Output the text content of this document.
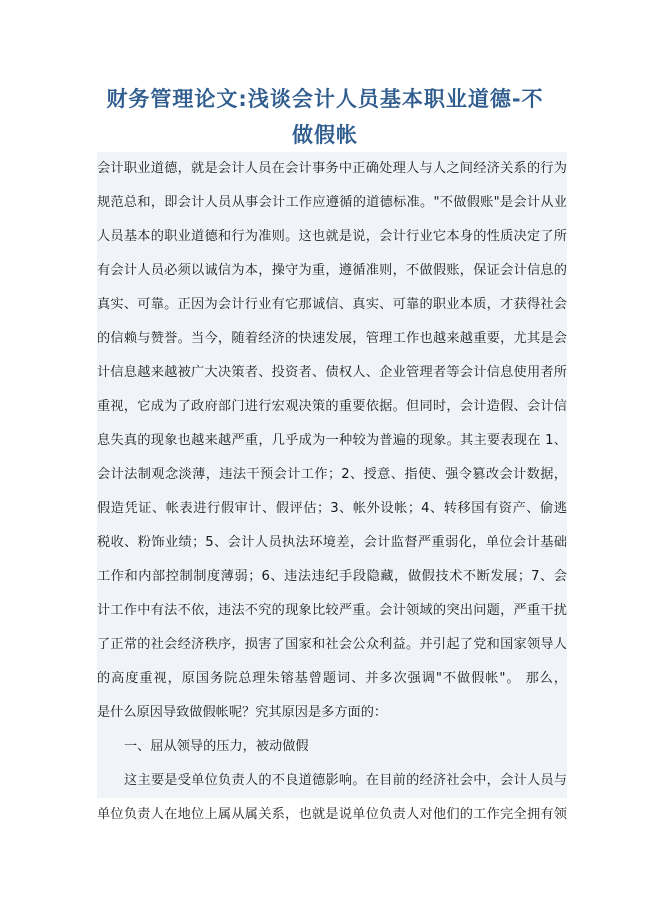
财务管理论文:浅谈会计人员基本职业道德-不
做假帐
会计职业道德，就是会计人员在会计事务中正确处理人与人之间经济关系的行为
规范总和，即会计人员从事会计工作应遵循的道德标准。"不做假账"是会计从业
人员基本的职业道德和行为准则。这也就是说，会计行业它本身的性质决定了所
有会计人员必须以诚信为本，操守为重，遵循准则，不做假账，保证会计信息的
真实、可靠。正因为会计行业有它那诚信、真实、可靠的职业本质，才获得社会
的信赖与赞誉。当今，随着经济的快速发展，管理工作也越来越重要，尤其是会
计信息越来越被广大决策者、投资者、债权人、企业管理者等会计信息使用者所
重视，它成为了政府部门进行宏观决策的重要依据。但同时，会计造假、会计信
息失真的现象也越来越严重，几乎成为一种较为普遍的现象。其主要表现在 1、
会计法制观念淡薄，违法干预会计工作；2、授意、指使、强令篡改会计数据，
假造凭证、帐表进行假审计、假评估；3、帐外设帐；4、转移国有资产、偷逃
税收、粉饰业绩；5、会计人员执法环境差，会计监督严重弱化，单位会计基础
工作和内部控制制度薄弱；6、违法违纪手段隐藏，做假技术不断发展；7、会
计工作中有法不依，违法不究的现象比较严重。会计领域的突出问题，严重干扰
了正常的社会经济秩序，损害了国家和社会公众利益。并引起了党和国家领导人
的高度重视，原国务院总理朱镕基曾题词、并多次强调"不做假帐"。 那么，
是什么原因导致做假帐呢？究其原因是多方面的：
一、屈从领导的压力，被动做假
这主要是受单位负责人的不良道德影响。在目前的经济社会中，会计人员与
单位负责人在地位上属从属关系，也就是说单位负责人对他们的工作完全拥有领
